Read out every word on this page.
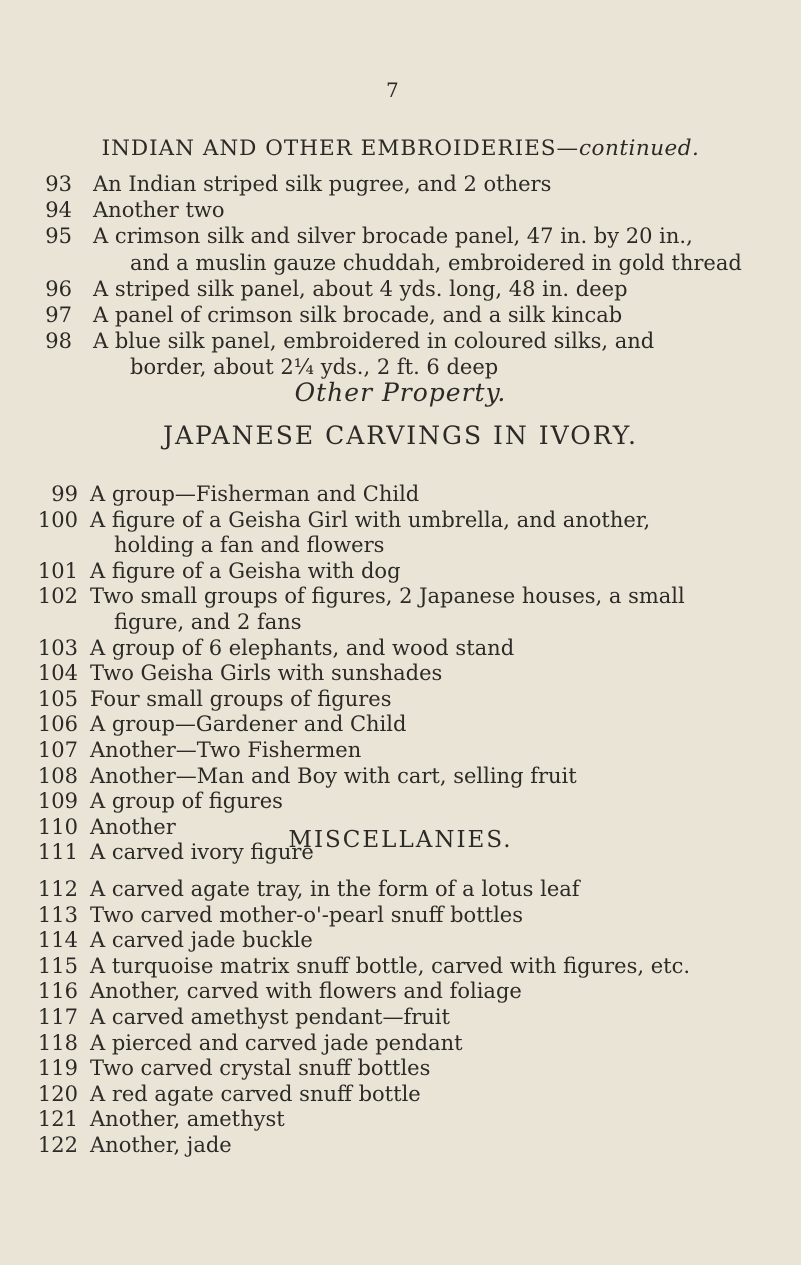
7
INDIAN AND OTHER EMBROIDERIES—continued.
93 An Indian striped silk pugree, and 2 others
94 Another two
95 A crimson silk and silver brocade panel, 47 in. by 20 in.,
and a muslin gauze chuddah, embroidered in gold thread
96 A striped silk panel, about 4 yds. long, 48 in. deep
97 A panel of crimson silk brocade, and a silk kincab
98 A blue silk panel, embroidered in coloured silks, and
border, about 2¼ yds., 2 ft. 6 deep
Other Property.
JAPANESE CARVINGS IN IVORY.
99 A group—Fisherman and Child
100 A figure of a Geisha Girl with umbrella, and another,
holding a fan and flowers
101 A figure of a Geisha with dog
102 Two small groups of figures, 2 Japanese houses, a small
figure, and 2 fans
103 A group of 6 elephants, and wood stand
104 Two Geisha Girls with sunshades
105 Four small groups of figures
106 A group—Gardener and Child
107 Another—Two Fishermen
108 Another—Man and Boy with cart, selling fruit
109 A group of figures
110 Another
111 A carved ivory figure
MISCELLANIES.
112 A carved agate tray, in the form of a lotus leaf
113 Two carved mother-o'-pearl snuff bottles
114 A carved jade buckle
115 A turquoise matrix snuff bottle, carved with figures, etc.
116 Another, carved with flowers and foliage
117 A carved amethyst pendant—fruit
118 A pierced and carved jade pendant
119 Two carved crystal snuff bottles
120 A red agate carved snuff bottle
121 Another, amethyst
122 Another, jade
